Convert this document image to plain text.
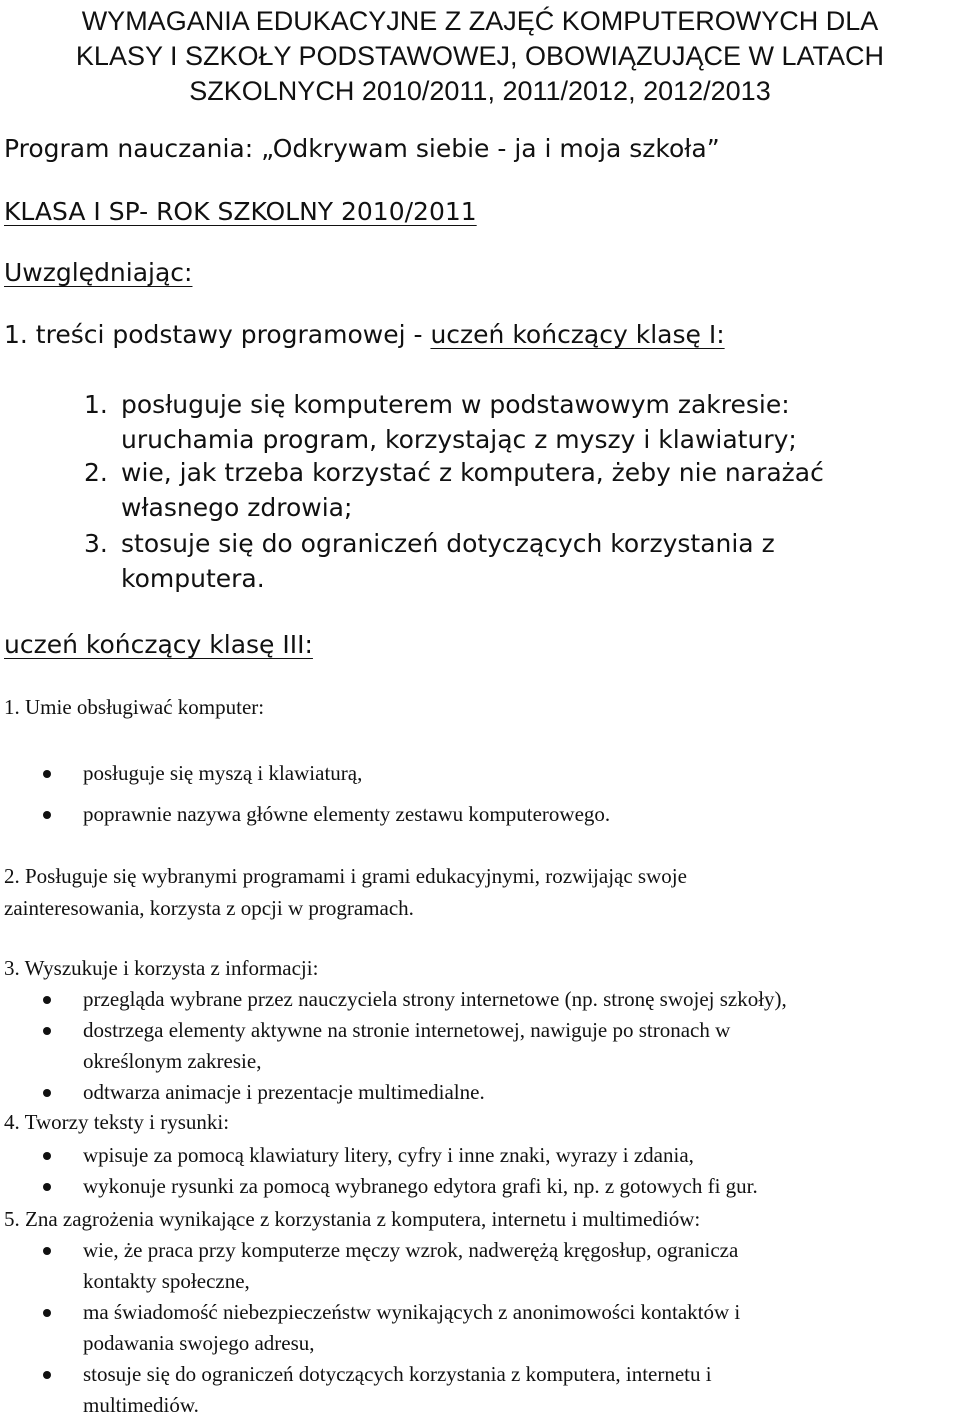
WYMAGANIA EDUKACYJNE Z ZAJĘĆ KOMPUTEROWYCH DLA
KLASY I SZKOŁY PODSTAWOWEJ, OBOWIĄZUJĄCE W LATACH
SZKOLNYCH 2010/2011, 2011/2012, 2012/2013
Program nauczania: „Odkrywam siebie - ja i moja szkoła”
KLASA I SP- ROK SZKOLNY 2010/2011
Uwzględniając:
1. treści podstawy programowej - uczeń kończący klasę I:
1. posługuje się komputerem w podstawowym zakresie:
uruchamia program, korzystając z myszy i klawiatury;
2. wie, jak trzeba korzystać z komputera, żeby nie narażać
własnego zdrowia;
3. stosuje się do ograniczeń dotyczących korzystania z
komputera.
uczeń kończący klasę III:
1. Umie obsługiwać komputer:
posługuje się myszą i klawiaturą,
poprawnie nazywa główne elementy zestawu komputerowego.
2. Posługuje się wybranymi programami i grami edukacyjnymi, rozwijając swoje
zainteresowania, korzysta z opcji w programach.
3. Wyszukuje i korzysta z informacji:
przegląda wybrane przez nauczyciela strony internetowe (np. stronę swojej szkoły),
dostrzega elementy aktywne na stronie internetowej, nawiguje po stronach w
określonym zakresie,
odtwarza animacje i prezentacje multimedialne.
4. Tworzy teksty i rysunki:
wpisuje za pomocą klawiatury litery, cyfry i inne znaki, wyrazy i zdania,
wykonuje rysunki za pomocą wybranego edytora grafi ki, np. z gotowych fi gur.
5. Zna zagrożenia wynikające z korzystania z komputera, internetu i multimediów:
wie, że praca przy komputerze męczy wzrok, nadwerężą kręgosłup, ogranicza
kontakty społeczne,
ma świadomość niebezpieczeństw wynikających z anonimowości kontaktów i
podawania swojego adresu,
stosuje się do ograniczeń dotyczących korzystania z komputera, internetu i
multimediów.
